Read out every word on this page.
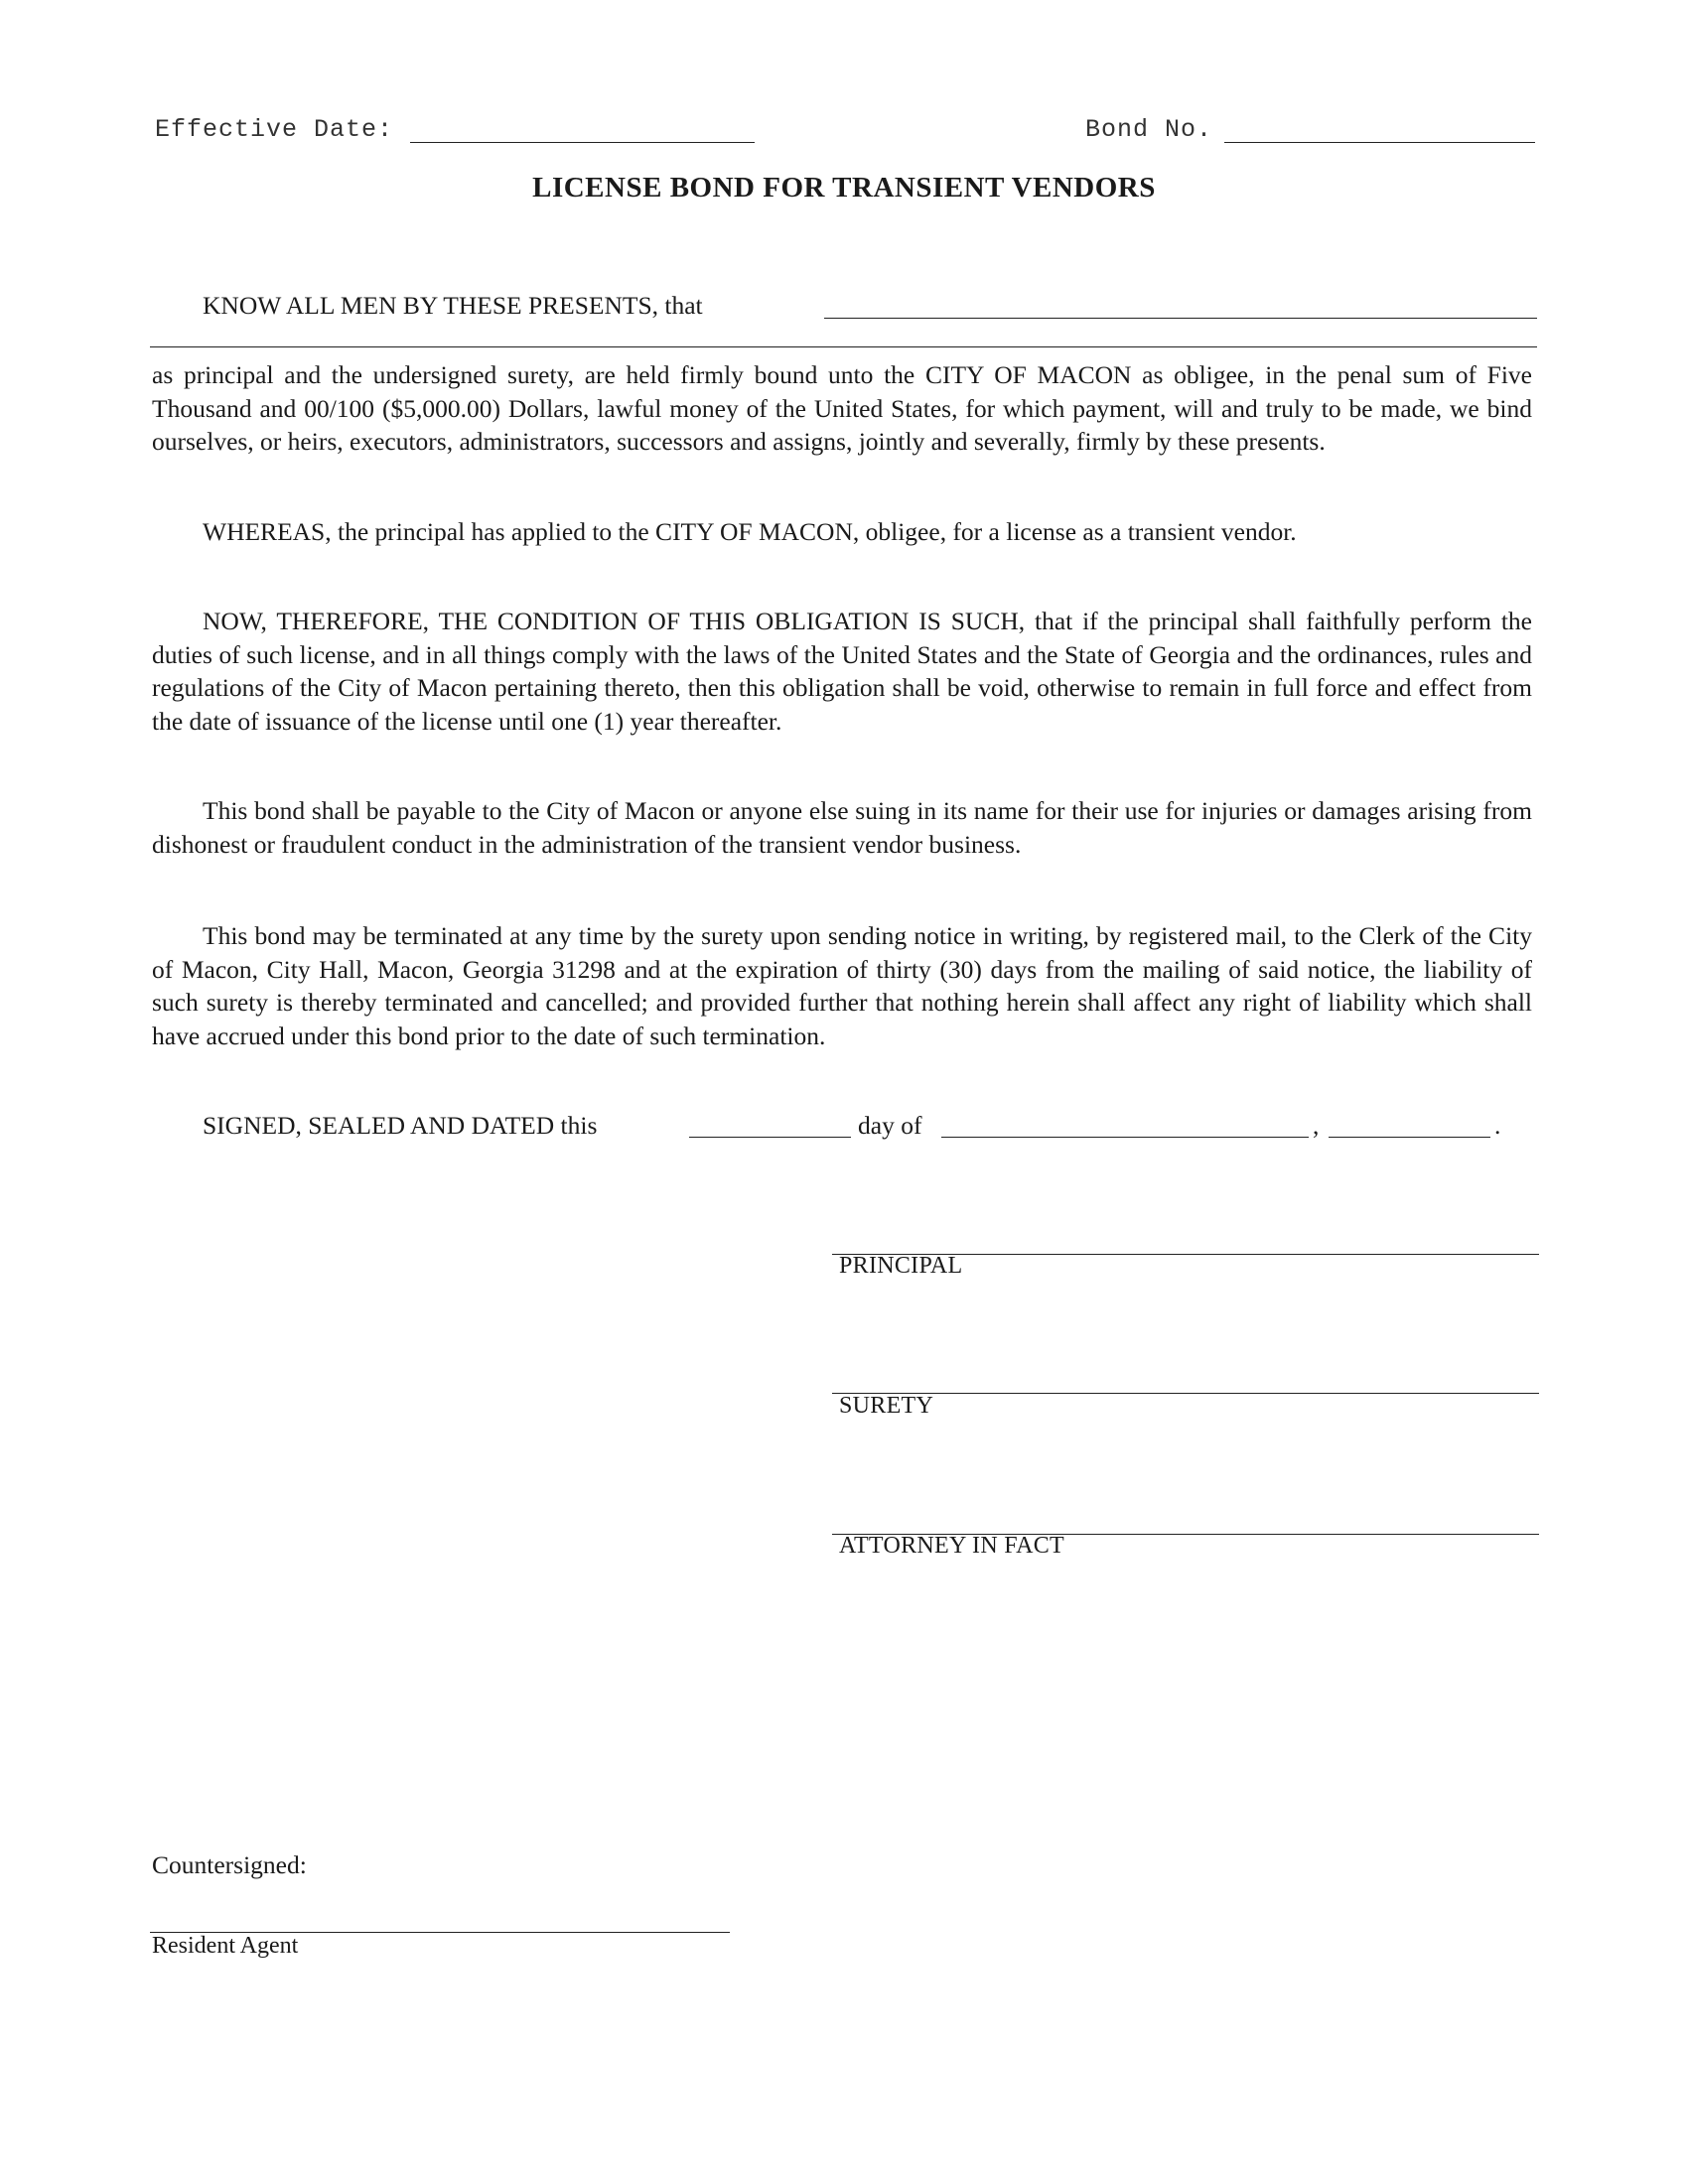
Effective Date:	Bond No.
LICENSE BOND FOR TRANSIENT VENDORS
KNOW ALL MEN BY THESE PRESENTS, that
as principal and the undersigned surety, are held firmly bound unto the CITY OF MACON as obligee, in the penal sum of Five Thousand and 00/100 ($5,000.00) Dollars, lawful money of the United States, for which payment, will and truly to be made, we bind ourselves, or heirs, executors, administrators, successors and assigns, jointly and severally, firmly by these presents.
WHEREAS, the principal has applied to the CITY OF MACON, obligee, for a license as a transient vendor.
NOW, THEREFORE, THE CONDITION OF THIS OBLIGATION IS SUCH, that if the principal shall faithfully perform the duties of such license, and in all things comply with the laws of the United States and the State of Georgia and the ordinances, rules and regulations of the City of Macon pertaining thereto, then this obligation shall be void, otherwise to remain in full force and effect from the date of issuance of the license until one (1) year thereafter.
This bond shall be payable to the City of Macon or anyone else suing in its name for their use for injuries or damages arising from dishonest or fraudulent conduct in the administration of the transient vendor business.
This bond may be terminated at any time by the surety upon sending notice in writing, by registered mail, to the Clerk of the City of Macon, City Hall, Macon, Georgia 31298 and at the expiration of thirty (30) days from the mailing of said notice, the liability of such surety is thereby terminated and cancelled; and provided further that nothing herein shall affect any right of liability which shall have accrued under this bond prior to the date of such termination.
SIGNED, SEALED AND DATED this	day of	,	.
PRINCIPAL
SURETY
ATTORNEY IN FACT
Countersigned:
Resident Agent
